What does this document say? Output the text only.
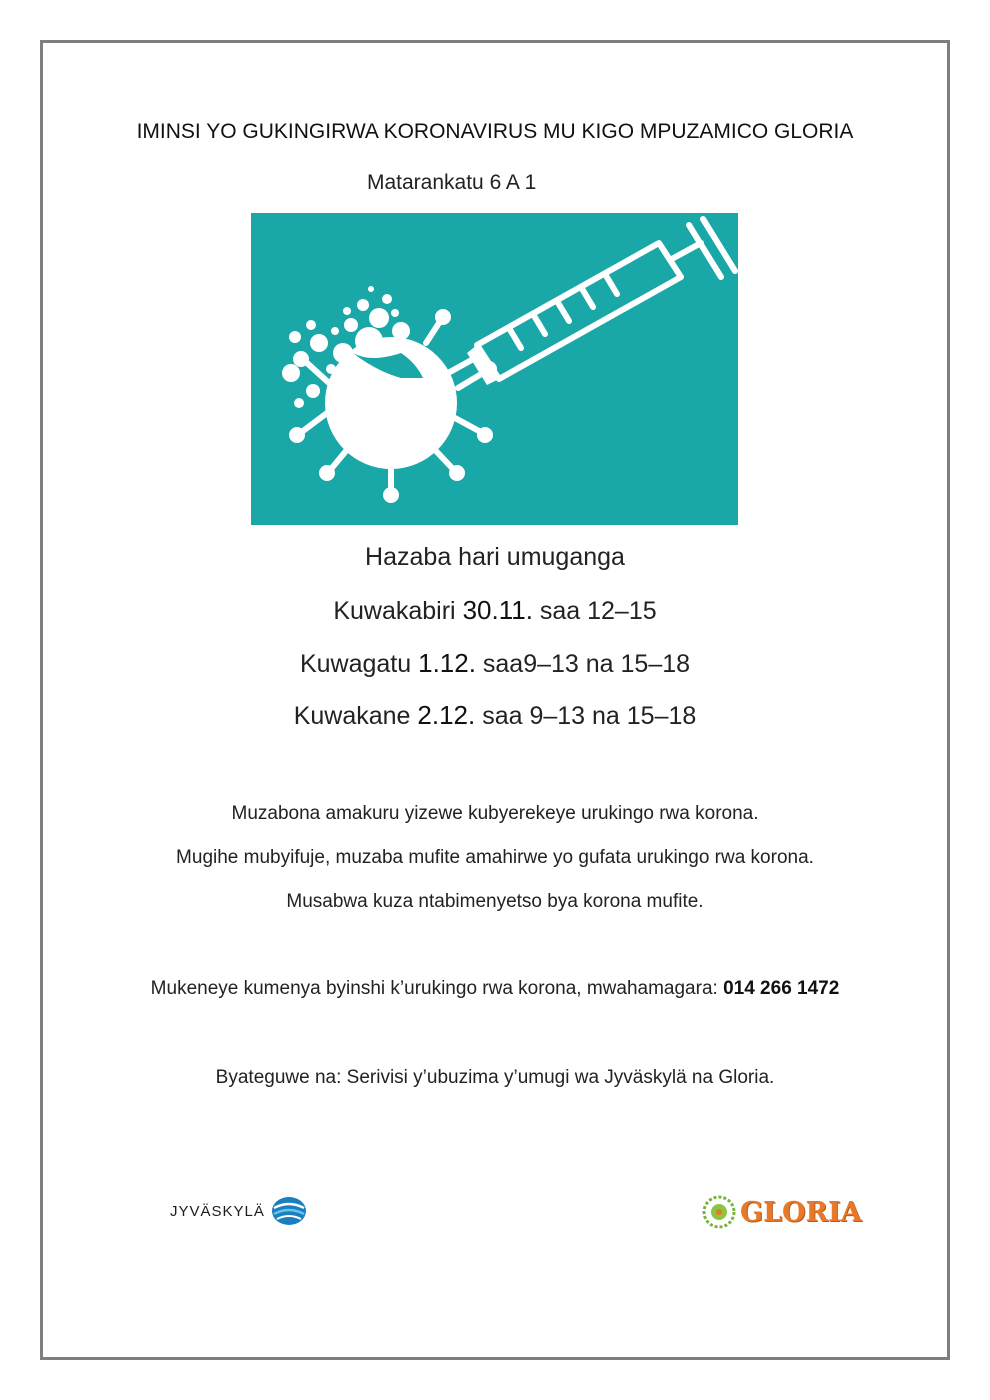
IMINSI YO GUKINGIRWA KORONAVIRUS MU KIGO MPUZAMICO GLORIA
Matarankatu 6 A 1
Hazaba hari umuganga
Kuwakabiri 30.11. saa 12–15
Kuwagatu 1.12. saa9–13 na 15–18
Kuwakane 2.12. saa 9–13 na 15–18
Muzabona amakuru yizewe kubyerekeye urukingo rwa korona.
Mugihe mubyifuje, muzaba mufite amahirwe yo gufata urukingo rwa korona.
Musabwa kuza ntabimenyetso bya korona mufite.
Mukeneye kumenya byinshi k’urukingo rwa korona, mwahamagara: 014 266 1472
Byateguwe na: Serivisi y’ubuzima y’umugi wa Jyväskylä na Gloria.
JYVÄSKYLÄ	GLORIA
